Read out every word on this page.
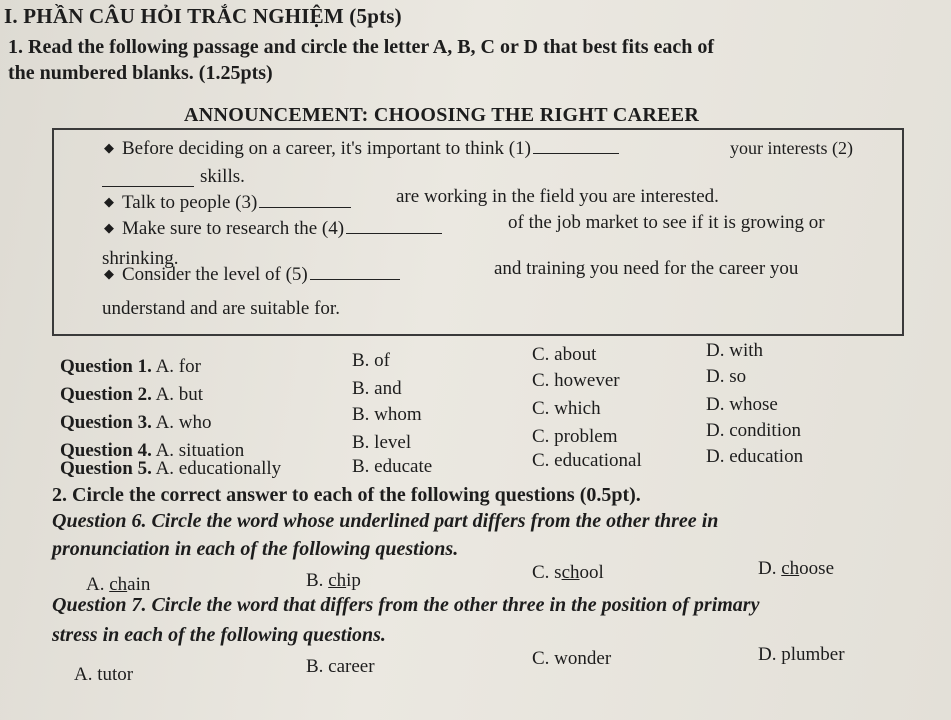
I. PHẦN CÂU HỎI TRẮC NGHIỆM (5pts)
1. Read the following passage and circle the letter A, B, C or D that best fits each of
the numbered blanks. (1.25pts)
ANNOUNCEMENT: CHOOSING THE RIGHT CAREER
◆ Before deciding on a career, it's important to think (1)	your interests (2)
skills.
◆ Talk to people (3)	are working in the field you are interested.
◆ Make sure to research the (4)	of the job market to see if it is growing or
shrinking.
◆ Consider the level of (5)	and training you need for the career you
understand and are suitable for.
Question 1. A. for	B. of	C. about	D. with
Question 2. A. but	B. and	C. however	D. so
Question 3. A. who	B. whom	C. which	D. whose
Question 4. A. situation	B. level	C. problem	D. condition
Question 5. A. educationally	B. educate	C. educational	D. education
2. Circle the correct answer to each of the following questions (0.5pt).
Question 6. Circle the word whose underlined part differs from the other three in
pronunciation in each of the following questions.
A. chain	B. chip	C. school	D. choose
Question 7. Circle the word that differs from the other three in the position of primary
stress in each of the following questions.
A. tutor	B. career	C. wonder	D. plumber
